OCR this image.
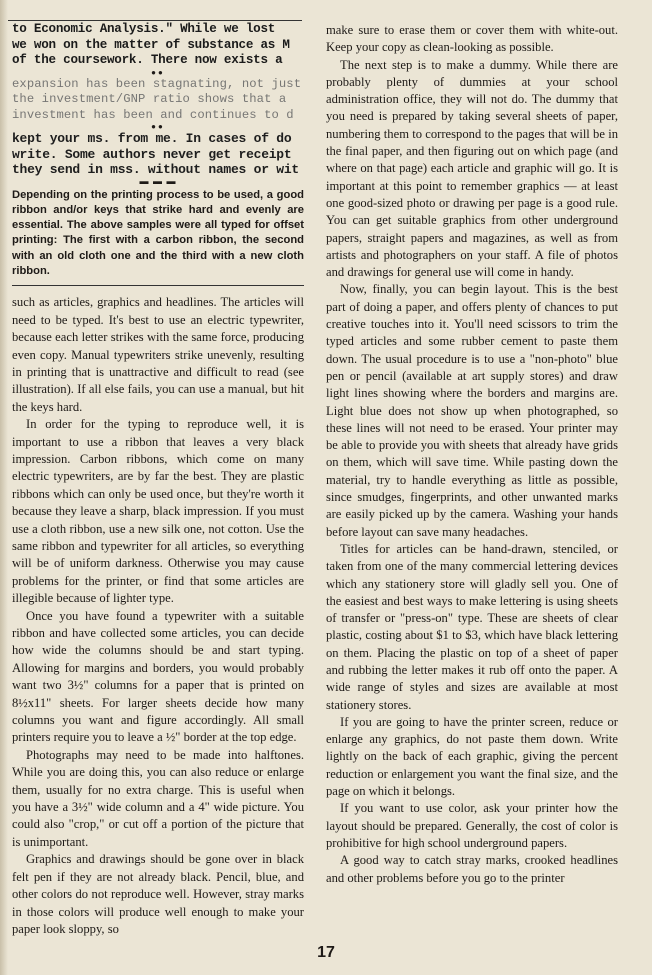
to Economic Analysis." While we lost
we won on the matter of substance as M
of the coursework. There now exists a
●●
expansion has been stagnating, not just
the investment/GNP ratio shows that a
investment has been and continues to d
●●
kept your ms. from me. In cases of do
write. Some authors never get receipt
they send in mss. without names or wit
▬ ▬ ▬
Depending on the printing process to be used, a good ribbon and/or keys that strike hard and evenly are essential. The above samples were all typed for offset printing: The first with a carbon ribbon, the second with an old cloth one and the third with a new cloth ribbon.

such as articles, graphics and headlines. The articles will need to be typed. It's best to use an electric typewriter, because each letter strikes with the same force, producing even copy. Manual typewriters strike unevenly, resulting in printing that is unattractive and difficult to read (see illustration). If all else fails, you can use a manual, but hit the keys hard.

In order for the typing to reproduce well, it is important to use a ribbon that leaves a very black impression. Carbon ribbons, which come on many electric typewriters, are by far the best. They are plastic ribbons which can only be used once, but they're worth it because they leave a sharp, black impression. If you must use a cloth ribbon, use a new silk one, not cotton. Use the same ribbon and typewriter for all articles, so everything will be of uniform darkness. Otherwise you may cause problems for the printer, or find that some articles are illegible because of lighter type.

Once you have found a typewriter with a suitable ribbon and have collected some articles, you can decide how wide the columns should be and start typing. Allowing for margins and borders, you would probably want two 3½" columns for a paper that is printed on 8½x11" sheets. For larger sheets decide how many columns you want and figure accordingly. All small printers require you to leave a ½" border at the top edge.

Photographs may need to be made into halftones. While you are doing this, you can also reduce or enlarge them, usually for no extra charge. This is useful when you have a 3½" wide column and a 4" wide picture. You could also "crop," or cut off a portion of the picture that is unimportant.

Graphics and drawings should be gone over in black felt pen if they are not already black. Pencil, blue, and other colors do not reproduce well. However, stray marks in those colors will produce well enough to make your paper look sloppy, so

make sure to erase them or cover them with white-out. Keep your copy as clean-looking as possible.

The next step is to make a dummy. While there are probably plenty of dummies at your school administration office, they will not do. The dummy that you need is prepared by taking several sheets of paper, numbering them to correspond to the pages that will be in the final paper, and then figuring out on which page (and where on that page) each article and graphic will go. It is important at this point to remember graphics — at least one good-sized photo or drawing per page is a good rule. You can get suitable graphics from other underground papers, straight papers and magazines, as well as from artists and photographers on your staff. A file of photos and drawings for general use will come in handy.

Now, finally, you can begin layout. This is the best part of doing a paper, and offers plenty of chances to put creative touches into it. You'll need scissors to trim the typed articles and some rubber cement to paste them down. The usual procedure is to use a "non-photo" blue pen or pencil (available at art supply stores) and draw light lines showing where the borders and margins are. Light blue does not show up when photographed, so these lines will not need to be erased. Your printer may be able to provide you with sheets that already have grids on them, which will save time. While pasting down the material, try to handle everything as little as possible, since smudges, fingerprints, and other unwanted marks are easily picked up by the camera. Washing your hands before layout can save many headaches.

Titles for articles can be hand-drawn, stenciled, or taken from one of the many commercial lettering devices which any stationery store will gladly sell you. One of the easiest and best ways to make lettering is using sheets of transfer or "press-on" type. These are sheets of clear plastic, costing about $1 to $3, which have black lettering on them. Placing the plastic on top of a sheet of paper and rubbing the letter makes it rub off onto the paper. A wide range of styles and sizes are available at most stationery stores.

If you are going to have the printer screen, reduce or enlarge any graphics, do not paste them down. Write lightly on the back of each graphic, giving the percent reduction or enlargement you want the final size, and the page on which it belongs.

If you want to use color, ask your printer how the layout should be prepared. Generally, the cost of color is prohibitive for high school underground papers.

A good way to catch stray marks, crooked headlines and other problems before you go to the printer

17
